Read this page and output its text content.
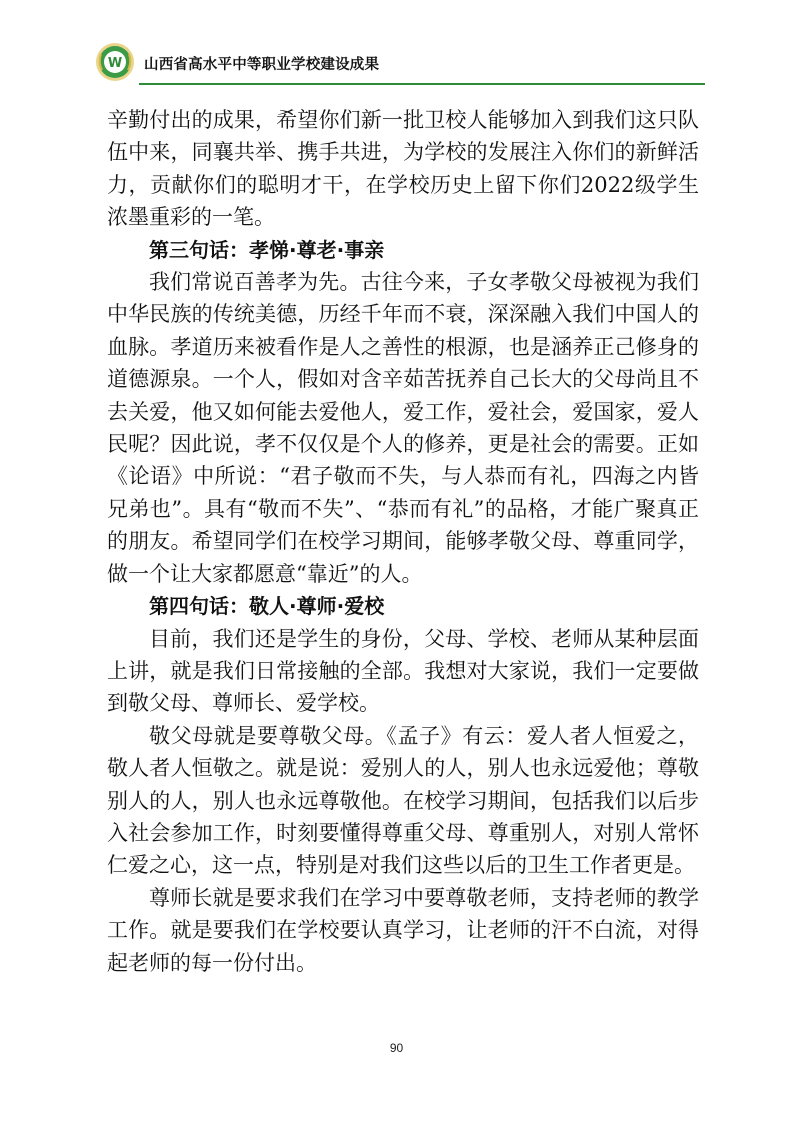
W 山西省高水平中等职业学校建设成果

辛勤付出的成果，希望你们新一批卫校人能够加入到我们这只队伍中来，同襄共举、携手共进，为学校的发展注入你们的新鲜活力，贡献你们的聪明才干，在学校历史上留下你们2022级学生浓墨重彩的一笔。

第三句话：孝悌·尊老·事亲

我们常说百善孝为先。古往今来，子女孝敬父母被视为我们中华民族的传统美德，历经千年而不衰，深深融入我们中国人的血脉。孝道历来被看作是人之善性的根源，也是涵养正己修身的道德源泉。一个人，假如对含辛茹苦抚养自己长大的父母尚且不去关爱，他又如何能去爱他人，爱工作，爱社会，爱国家，爱人民呢？因此说，孝不仅仅是个人的修养，更是社会的需要。正如《论语》中所说：“君子敬而不失，与人恭而有礼，四海之内皆兄弟也”。具有“敬而不失”、“恭而有礼”的品格，才能广聚真正的朋友。希望同学们在校学习期间，能够孝敬父母、尊重同学，做一个让大家都愿意“靠近”的人。

第四句话：敬人·尊师·爱校

目前，我们还是学生的身份，父母、学校、老师从某种层面上讲，就是我们日常接触的全部。我想对大家说，我们一定要做到敬父母、尊师长、爱学校。

敬父母就是要尊敬父母。《孟子》有云：爱人者人恒爱之，敬人者人恒敬之。就是说：爱别人的人，别人也永远爱他；尊敬别人的人，别人也永远尊敬他。在校学习期间，包括我们以后步入社会参加工作，时刻要懂得尊重父母、尊重别人，对别人常怀仁爱之心，这一点，特别是对我们这些以后的卫生工作者更是。

尊师长就是要求我们在学习中要尊敬老师，支持老师的教学工作。就是要我们在学校要认真学习，让老师的汗不白流，对得起老师的每一份付出。

90
